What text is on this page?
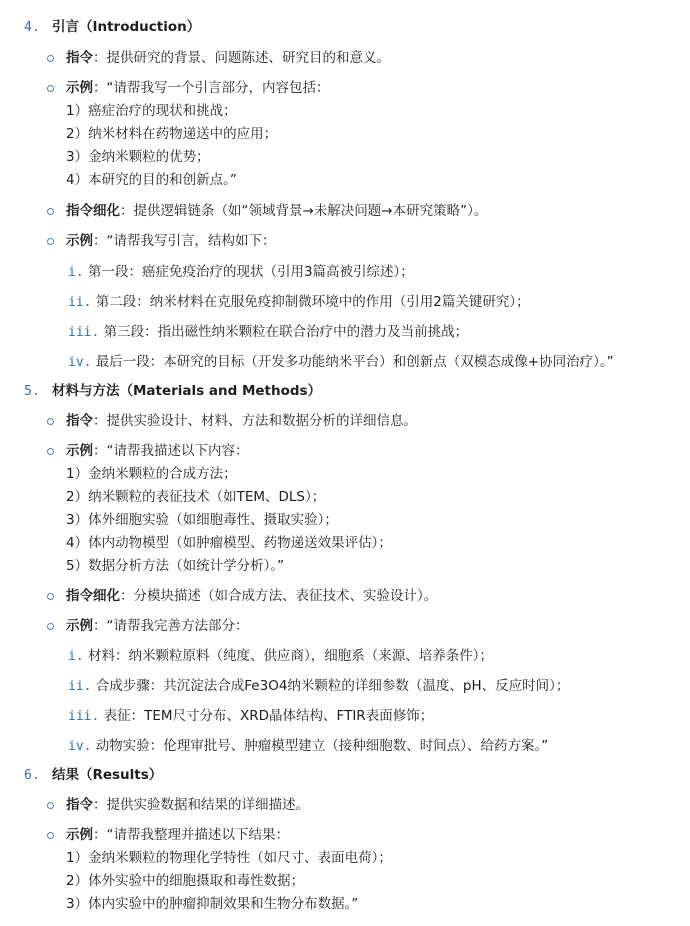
4. 引言（Introduction）
指令：提供研究的背景、问题陈述、研究目的和意义。
示例：“请帮我写一个引言部分，内容包括：
1）癌症治疗的现状和挑战；
2）纳米材料在药物递送中的应用；
3）金纳米颗粒的优势；
4）本研究的目的和创新点。”
指令细化：提供逻辑链条（如“领域背景→未解决问题→本研究策略”）。
示例：“请帮我写引言，结构如下：
i. 第一段：癌症免疫治疗的现状（引用3篇高被引综述）；
ii. 第二段：纳米材料在克服免疫抑制微环境中的作用（引用2篇关键研究）；
iii. 第三段：指出磁性纳米颗粒在联合治疗中的潜力及当前挑战；
iv. 最后一段：本研究的目标（开发多功能纳米平台）和创新点（双模态成像+协同治疗）。”
5. 材料与方法（Materials and Methods）
指令：提供实验设计、材料、方法和数据分析的详细信息。
示例：“请帮我描述以下内容：
1）金纳米颗粒的合成方法；
2）纳米颗粒的表征技术（如TEM、DLS）；
3）体外细胞实验（如细胞毒性、摄取实验）；
4）体内动物模型（如肿瘤模型、药物递送效果评估）；
5）数据分析方法（如统计学分析）。”
指令细化：分模块描述（如合成方法、表征技术、实验设计）。
示例：“请帮我完善方法部分：
i. 材料：纳米颗粒原料（纯度、供应商），细胞系（来源、培养条件）；
ii. 合成步骤：共沉淀法合成Fe3O4纳米颗粒的详细参数（温度、pH、反应时间）；
iii. 表征：TEM尺寸分布、XRD晶体结构、FTIR表面修饰；
iv. 动物实验：伦理审批号、肿瘤模型建立（接种细胞数、时间点）、给药方案。”
6. 结果（Results）
指令：提供实验数据和结果的详细描述。
示例：“请帮我整理并描述以下结果：
1）金纳米颗粒的物理化学特性（如尺寸、表面电荷）；
2）体外实验中的细胞摄取和毒性数据；
3）体内实验中的肿瘤抑制效果和生物分布数据。”
